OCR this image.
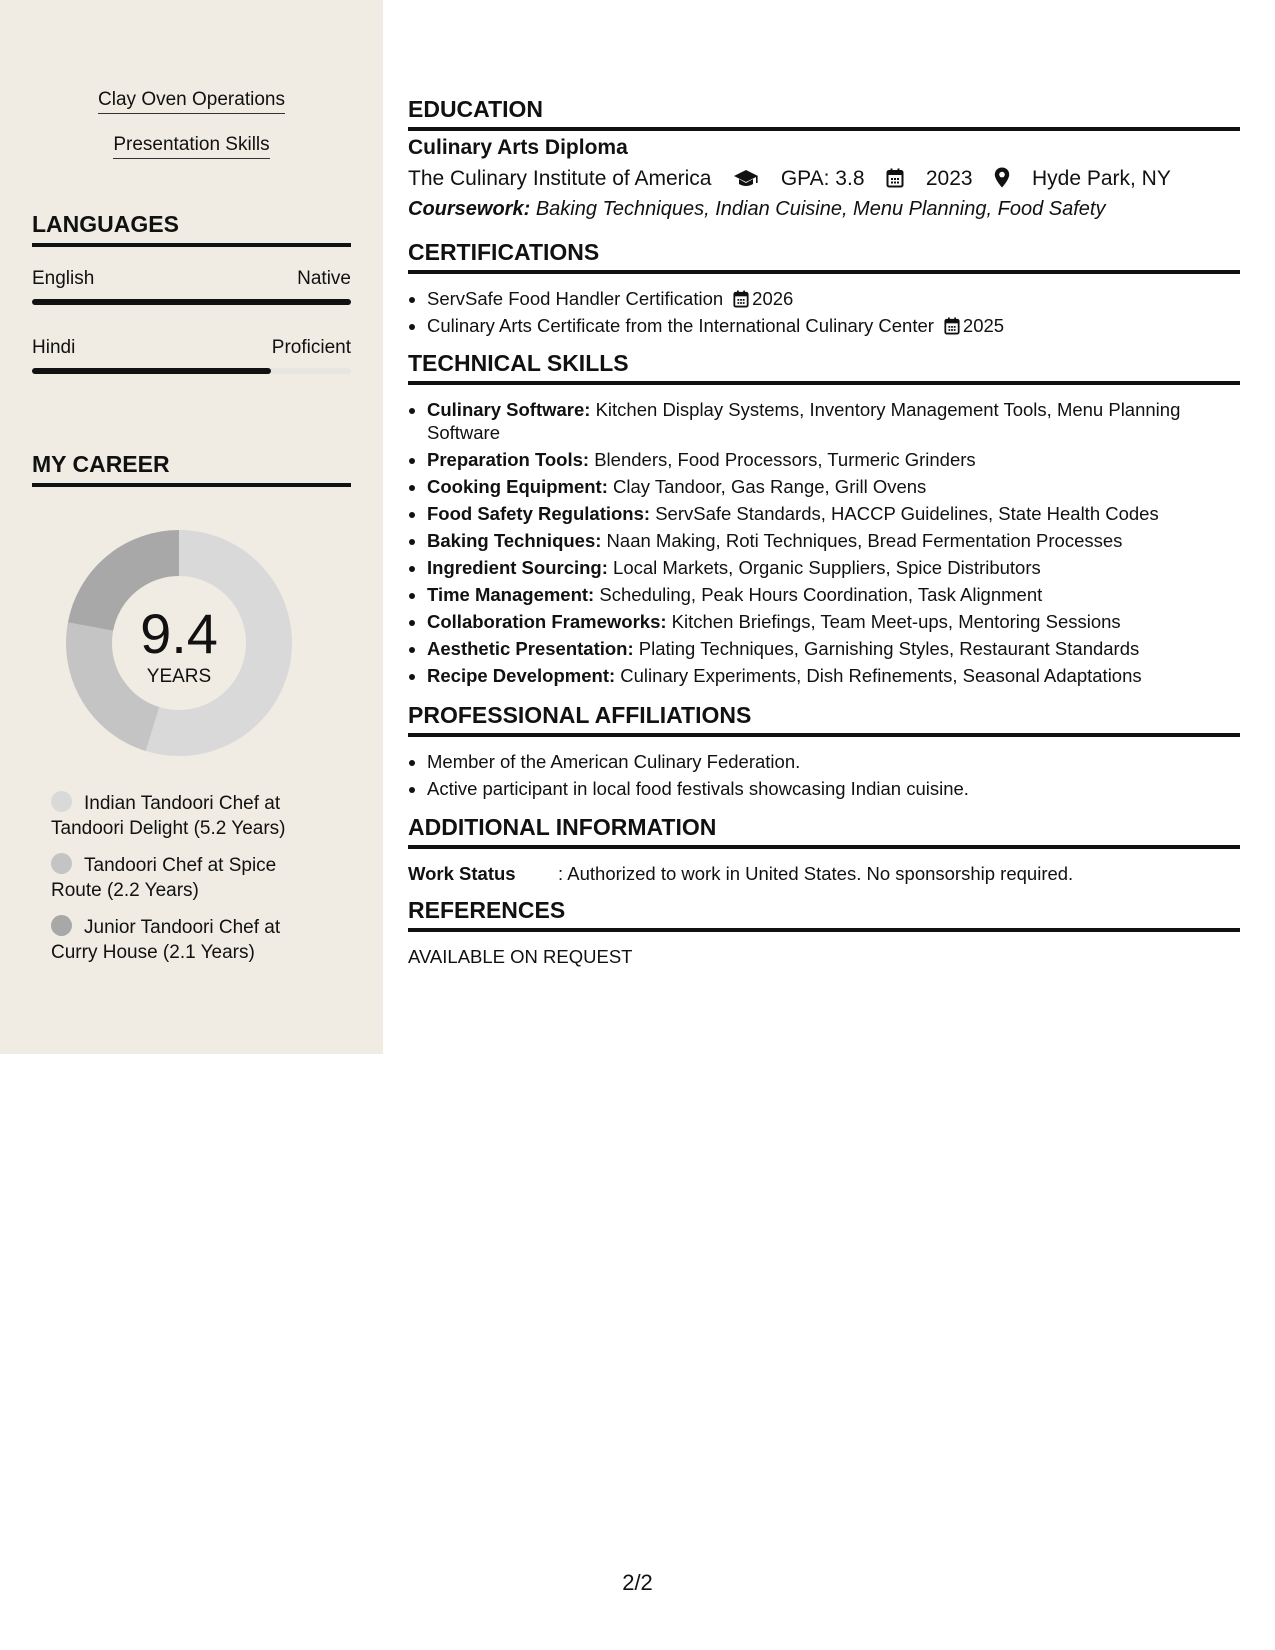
Clay Oven Operations
Presentation Skills
LANGUAGES
English	Native
Hindi	Proficient
MY CAREER
9.4
YEARS
Indian Tandoori Chef at Tandoori Delight (5.2 Years)
Tandoori Chef at Spice Route (2.2 Years)
Junior Tandoori Chef at Curry House (2.1 Years)
EDUCATION
Culinary Arts Diploma
The Culinary Institute of America	GPA: 3.8	2023	Hyde Park, NY
Coursework: Baking Techniques, Indian Cuisine, Menu Planning, Food Safety
CERTIFICATIONS
• ServSafe Food Handler Certification 2026
• Culinary Arts Certificate from the International Culinary Center 2025
TECHNICAL SKILLS
• Culinary Software: Kitchen Display Systems, Inventory Management Tools, Menu Planning Software
• Preparation Tools: Blenders, Food Processors, Turmeric Grinders
• Cooking Equipment: Clay Tandoor, Gas Range, Grill Ovens
• Food Safety Regulations: ServSafe Standards, HACCP Guidelines, State Health Codes
• Baking Techniques: Naan Making, Roti Techniques, Bread Fermentation Processes
• Ingredient Sourcing: Local Markets, Organic Suppliers, Spice Distributors
• Time Management: Scheduling, Peak Hours Coordination, Task Alignment
• Collaboration Frameworks: Kitchen Briefings, Team Meet-ups, Mentoring Sessions
• Aesthetic Presentation: Plating Techniques, Garnishing Styles, Restaurant Standards
• Recipe Development: Culinary Experiments, Dish Refinements, Seasonal Adaptations
PROFESSIONAL AFFILIATIONS
• Member of the American Culinary Federation.
• Active participant in local food festivals showcasing Indian cuisine.
ADDITIONAL INFORMATION
Work Status : Authorized to work in United States. No sponsorship required.
REFERENCES
AVAILABLE ON REQUEST
2/2
